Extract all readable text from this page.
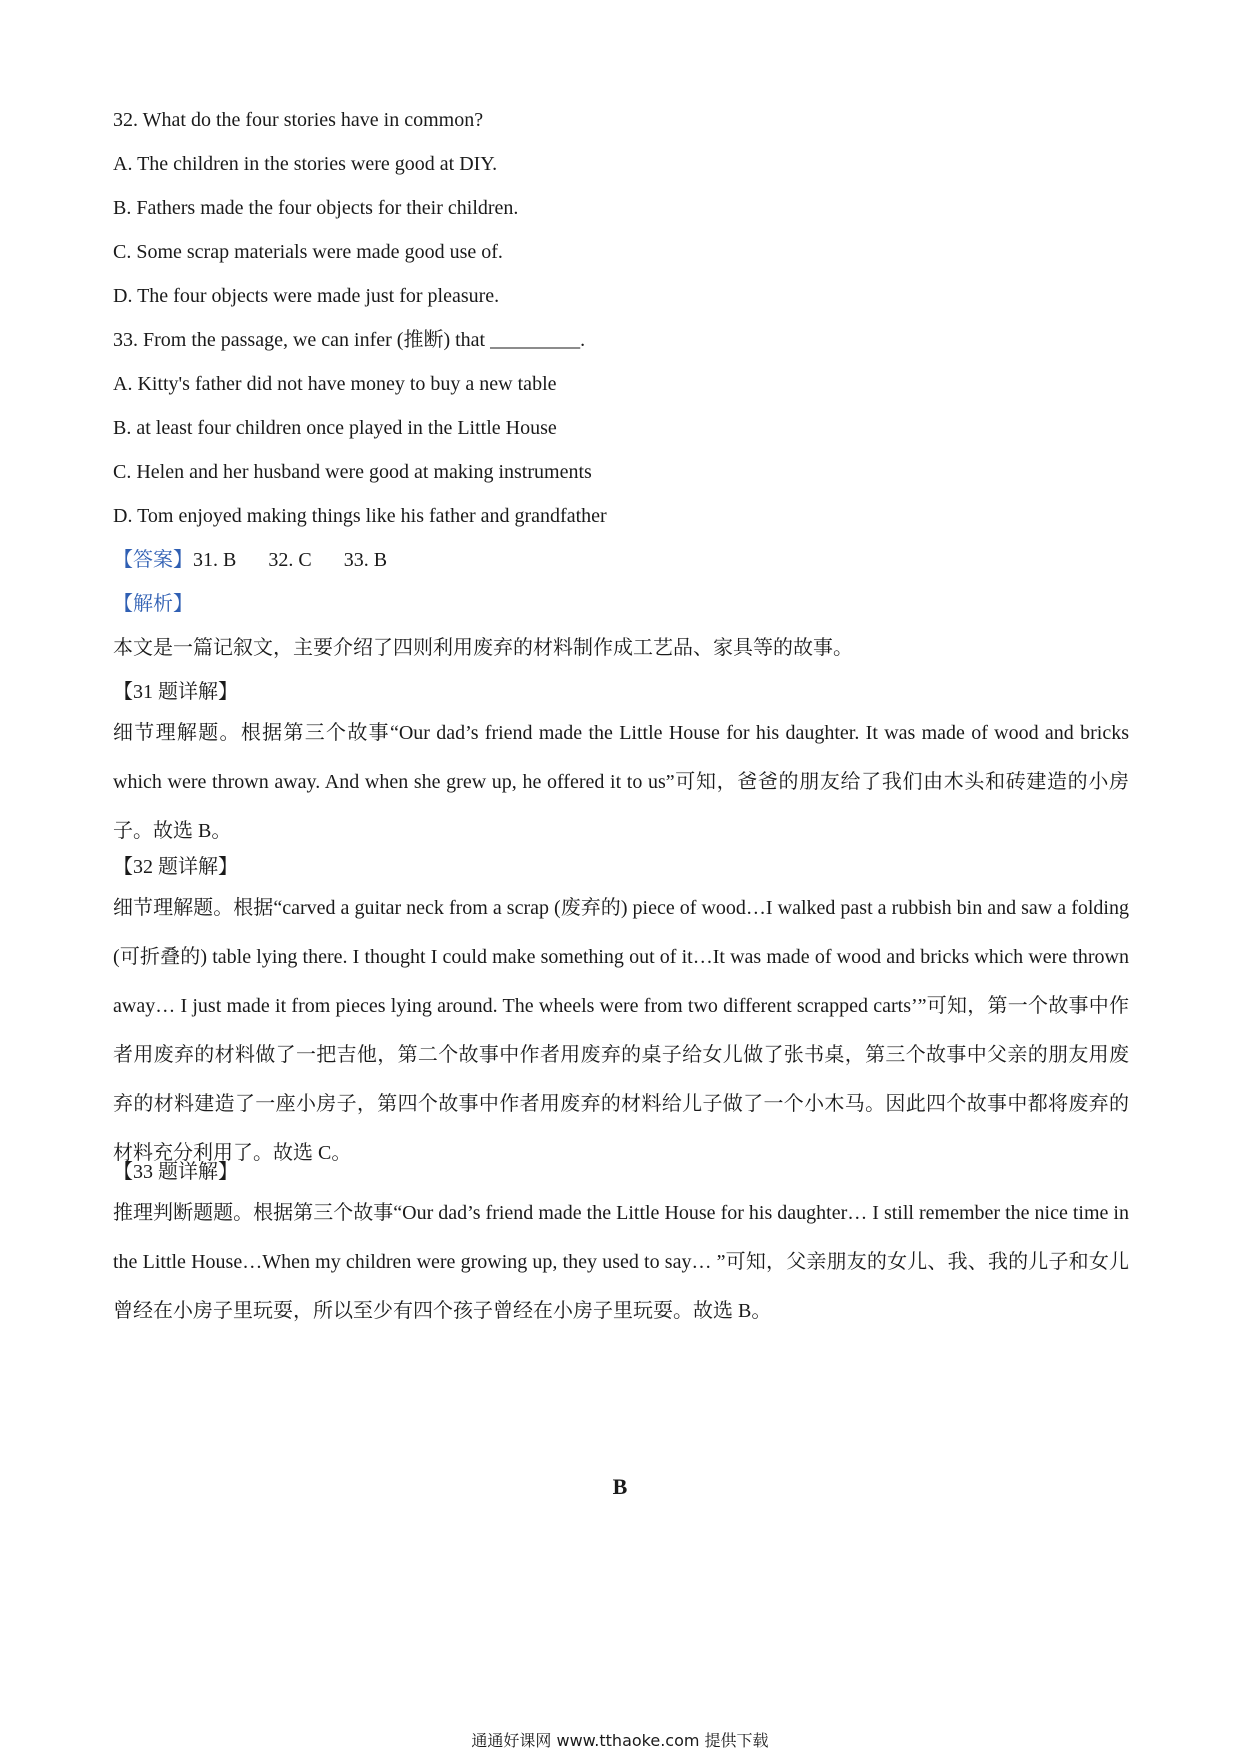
32. What do the four stories have in common?
A. The children in the stories were good at DIY.
B. Fathers made the four objects for their children.
C. Some scrap materials were made good use of.
D. The four objects were made just for pleasure.
33. From the passage, we can infer (推断) that _________.
A. Kitty's father did not have money to buy a new table
B. at least four children once played in the Little House
C. Helen and her husband were good at making instruments
D. Tom enjoyed making things like his father and grandfather
【答案】31. B 32. C 33. B
【解析】
本文是一篇记叙文，主要介绍了四则利用废弃的材料制作成工艺品、家具等的故事。
【31 题详解】
细节理解题。根据第三个故事“Our dad’s friend made the Little House for his daughter. It was made of wood and bricks which were thrown away. And when she grew up, he offered it to us”可知，爸爸的朋友给了我们由木头和砖建造的小房子。故选 B。
【32 题详解】
细节理解题。根据“carved a guitar neck from a scrap (废弃的) piece of wood…I walked past a rubbish bin and saw a folding (可折叠的) table lying there. I thought I could make something out of it…It was made of wood and bricks which were thrown away… I just made it from pieces lying around. The wheels were from two different scrapped carts’”可知，第一个故事中作者用废弃的材料做了一把吉他，第二个故事中作者用废弃的桌子给女儿做了张书桌，第三个故事中父亲的朋友用废弃的材料建造了一座小房子，第四个故事中作者用废弃的材料给儿子做了一个小木马。因此四个故事中都将废弃的材料充分利用了。故选 C。
【33 题详解】
推理判断题题。根据第三个故事“Our dad’s friend made the Little House for his daughter… I still remember the nice time in the Little House…When my children were growing up, they used to say… ”可知，父亲朋友的女儿、我、我的儿子和女儿曾经在小房子里玩耍，所以至少有四个孩子曾经在小房子里玩耍。故选 B。
B
通通好课网 www.tthaoke.com 提供下载
